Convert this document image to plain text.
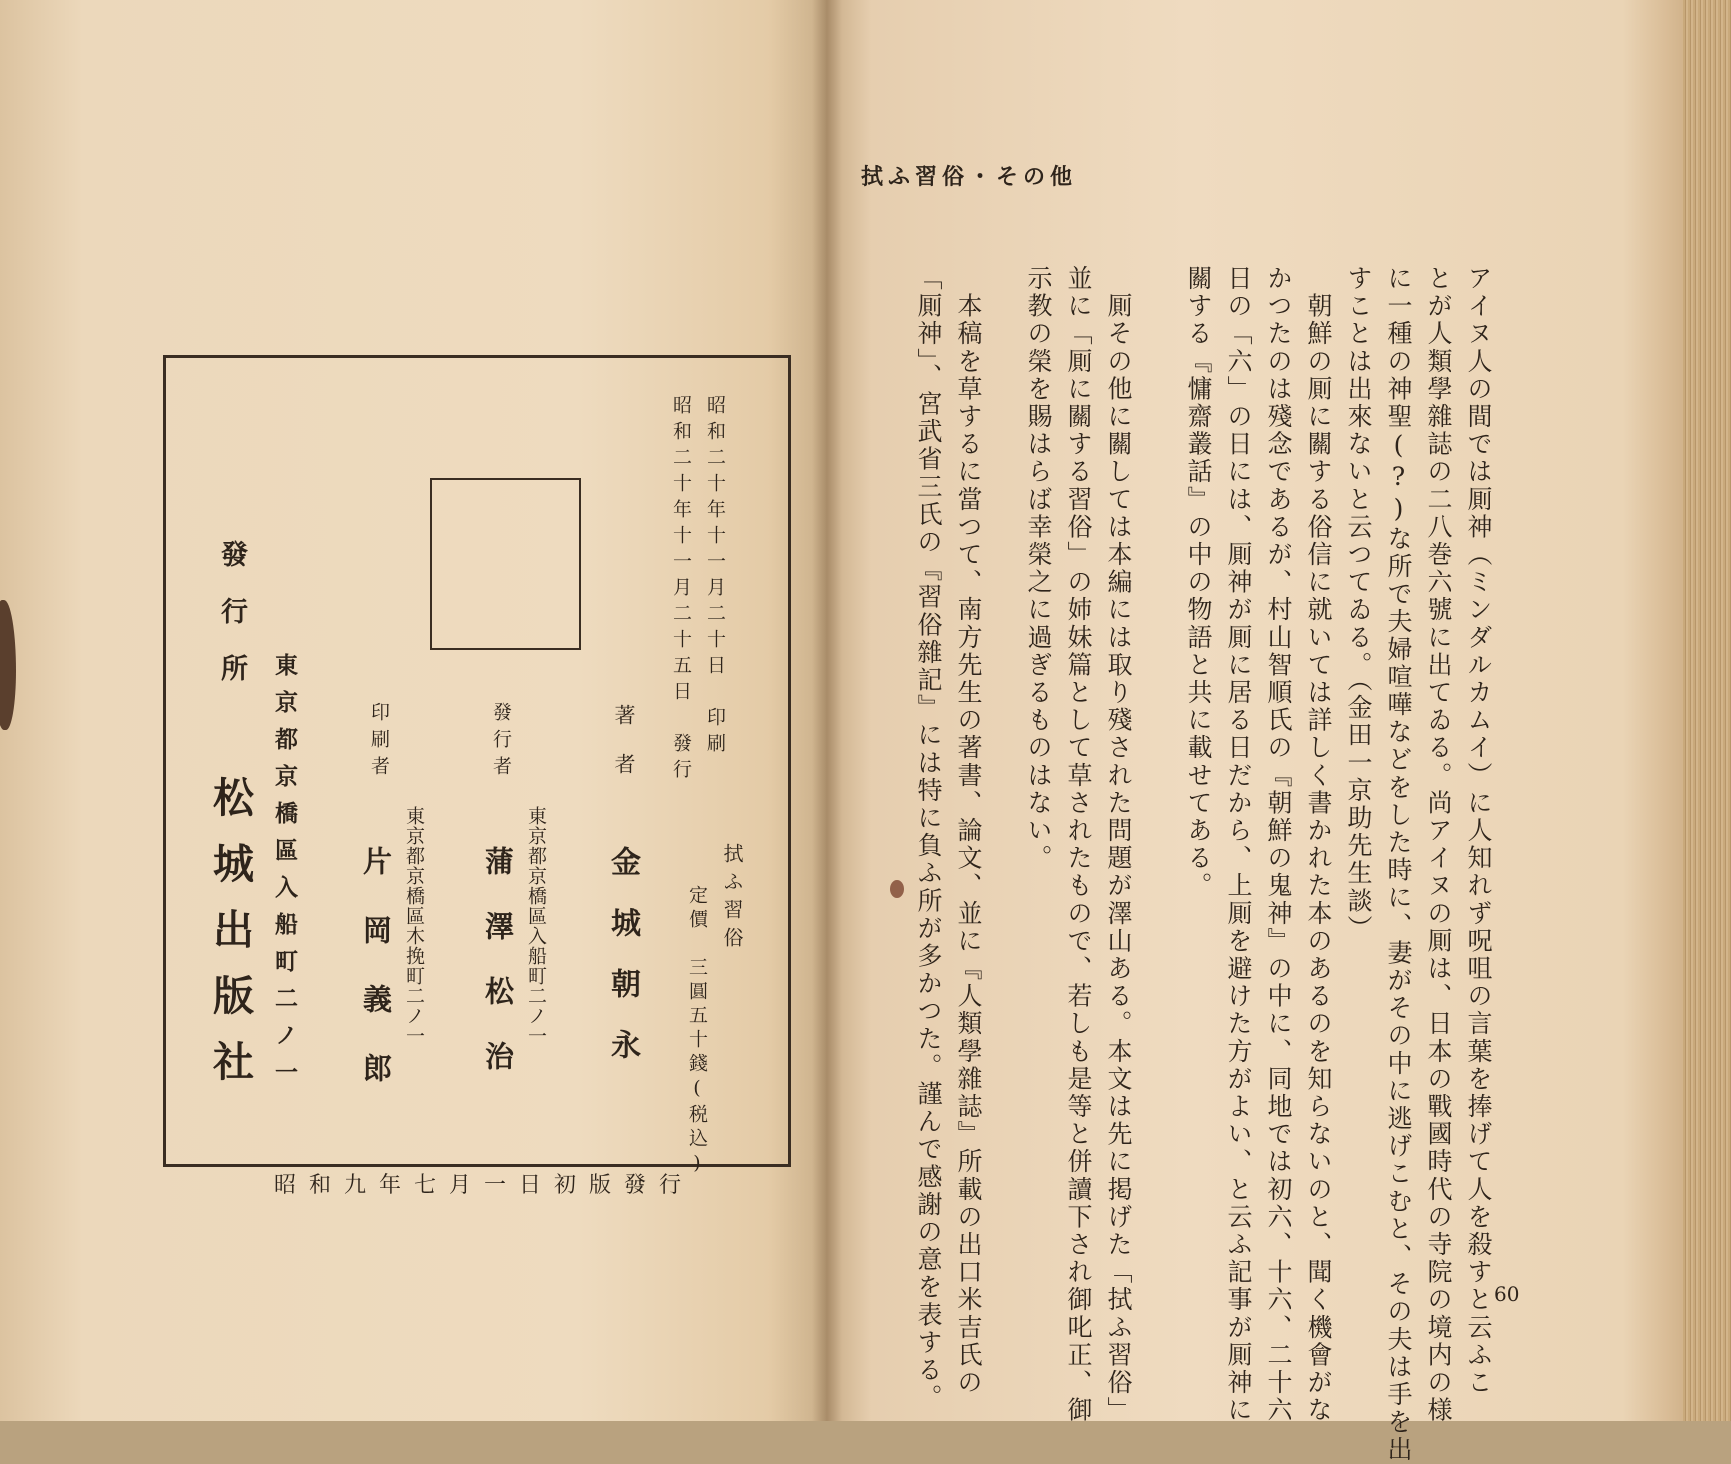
昭和二十年十一月二十日　印刷
昭和二十年十一月二十五日　發行
拭ふ習俗
定價　三圓五十錢(税込)
著者
金城朝永
東京都京橋區入船町二ノ一
發行者
蒲澤松治
東京都京橋區木挽町二ノ一
印刷者
片岡義郎
發行所
東京都京橋區入船町二ノ一
松城出版社
昭和九年七月一日初版發行
拭ふ習俗・その他
アイヌ人の間では厠神（ミンダルカムイ）に人知れず呪咀の言葉を捧げて人を殺すと云ふこ
とが人類學雜誌の二八巻六號に出てゐる。尚アイヌの厠は、日本の戰國時代の寺院の境内の様
に一種の神聖(?)な所で夫婦喧嘩などをした時に、妻がその中に逃げこむと、その夫は手を出
すことは出來ないと云つてゐる。（金田一京助先生談）
　朝鮮の厠に關する俗信に就いては詳しく書かれた本のあるのを知らないのと、聞く機會がな
かつたのは殘念であるが、村山智順氏の『朝鮮の鬼神』の中に、同地では初六、十六、二十六
日の「六」の日には、厠神が厠に居る日だから、上厠を避けた方がよい、と云ふ記事が厠神に
關する『慵齋叢話』の中の物語と共に載せてある。
　厠その他に關しては本編には取り殘された問題が澤山ある。本文は先に掲げた「拭ふ習俗」
並に「厠に關する習俗」の姉妹篇として草されたもので、若しも是等と併讀下され御叱正、御
示教の榮を賜はらば幸榮之に過ぎるものはない。
　本稿を草するに當つて、南方先生の著書、論文、並に『人類學雜誌』所載の出口米吉氏の
「厠神」、宮武省三氏の『習俗雜記』には特に負ふ所が多かつた。謹んで感謝の意を表する。	60
